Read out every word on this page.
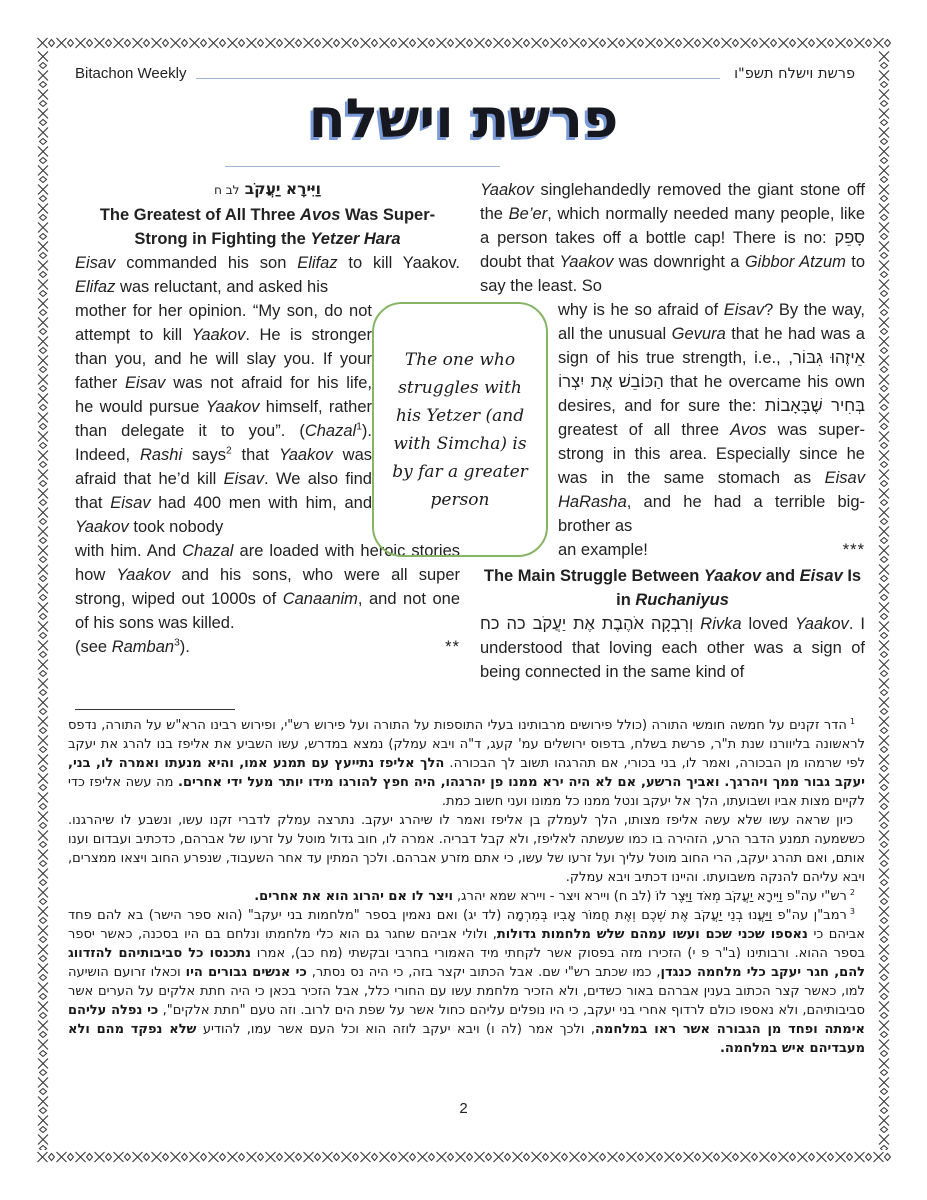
Bitachon Weekly	פרשת וישלח תשפ"ו
פרשת וישלח
וַיִּירָא יַעֲקֹב לב ח
The Greatest of All Three Avos Was Super-Strong in Fighting the Yetzer Hara

Eisav commanded his son Elifaz to kill Yaakov. Elifaz was reluctant, and asked his

mother for her opinion. “My son, do not attempt to kill Yaakov. He is stronger than you, and he will slay you. If your father Eisav was not afraid for his life, he would pursue Yaakov himself, rather than delegate it to you”. (Chazal$^1$). Indeed, Rashi says$^2$ that Yaakov was afraid that he’d kill Eisav. We also find that Eisav had 400 men with him, and Yaakov took nobody

with him. And Chazal are loaded with heroic stories how Yaakov and his sons, who were all super strong, wiped out 1000s of Canaanim, and not one of his sons was killed.

(see Ramban$^3$).	**

Yaakov singlehandedly removed the giant stone off the Be’er, which normally needed many people, like a person takes off a bottle cap! There is no: סָפֵק doubt that Yaakov was downright a Gibbor Atzum to say the least. So

why is he so afraid of Eisav? By the way, all the unusual Gevura that he had was a sign of his true strength, i.e., אֵיזֶהוּ גִבּוֹר, הַכּוֹבֵשׁ אֶת יִצְרוֹ that he overcame his own desires, and for sure the: בְּחִיר שֶׁבָּאָבוֹת greatest of all three Avos was super-strong in this area. Especially since he was in the same stomach as Eisav HaRasha, and he had a terrible big-brother as

an example!	***
The Main Struggle Between Yaakov and Eisav Is in Ruchaniyus

וְרִבְקָה אֹהֶבֶת אֶת יַעֲקֹב כה כח Rivka loved Yaakov. I understood that loving each other was a sign of being connected in the same kind of

The one who struggles with his Yetzer (and with Simcha) is by far a greater person

$^1$הדר זקנים על חמשה חומשי התורה (כולל פירושים מרבותינו בעלי התוספות על התורה ועל פירוש רש"י, ופירוש רבינו הרא"ש על התורה, נדפס לראשונה בליוורנו שנת ת"ר, פרשת בשלח, בדפוס ירושלים עמ' קעג, ד"ה ויבא עמלק) נמצא במדרש, עשו השביע את אליפז בנו להרג את יעקב לפי שרמהו מן הבכורה, ואמר לו, בני בכורי, אם תהרגהו תשוב לך הבכורה. הלך אליפז נתייעץ עם תמנע אמו, והיא מנעתו ואמרה לו, בני, יעקב גבור ממך ויהרגך. ואביך הרשע, אם לא היה ירא ממנו פן יהרגהו, היה חפץ להורגו מידו יותר מעל ידי אחרים. מה עשה אליפז כדי לקיים מצות אביו ושבועתו, הלך אל יעקב ונטל ממנו כל ממונו ועני חשוב כמת.

כיון שראה עשו שלא עשה אליפז מצותו, הלך לעמלק בן אליפז ואמר לו שיהרג יעקב. נתרצה עמלק לדברי זקנו עשו, ונשבע לו שיהרגנו. כששמעה תמנע הדבר הרע, הזהירה בו כמו שעשתה לאליפז, ולא קבל דבריה. אמרה לו, חוב גדול מוטל על זרעו של אברהם, כדכתיב ועבדום וענו אותם, ואם תהרג יעקב, הרי החוב מוטל עליך ועל זרעו של עשו, כי אתם מזרע אברהם. ולכך המתין עד אחר השעבוד, שנפרע החוב ויצאו ממצרים, ויבא עליהם להנקה משבועתו. והיינו דכתיב ויבא עמלק.

$^2$רש"י עה"פ וַיִּירָא יַעֲקֹב מְאֹד וַיֵּצֶר לוֹ (לב ח) ויירא ויצר - ויירא שמא יהרג, ויצר לו אם יהרוג הוא את אחרים.

$^3$רמב"ן עה"פ וַיַּעֲנוּ בְנֵי יַעֲקֹב אֶת שְׁכֶם וְאֶת חֲמוֹר אָבִיו בְּמִרְמָה (לד יג) ואם נאמין בספר "מלחמות בני יעקב" (הוא ספר הישר) בא להם פחד אביהם כי נאספו שכני שכם ועשו עמהם שלש מלחמות גדולות, ולולי אביהם שחגר גם הוא כלי מלחמתו ונלחם בם היו בסכנה, כאשר יספר בספר ההוא. ורבותינו (ב"ר פ י) הזכירו מזה בפסוק אשר לקחתי מיד האמורי בחרבי ובקשתי (מח כב), אמרו נתכנסו כל סביבותיהם להזדווג להם, חגר יעקב כלי מלחמה כנגדן, כמו שכתב רש"י שם. אבל הכתוב יקצר בזה, כי היה נס נסתר, כי אנשים גבורים היו וכאלו זרועם הושיעה למו, כאשר קצר הכתוב בענין אברהם באור כשדים, ולא הזכיר מלחמת עשו עם החורי כלל, אבל הזכיר בכאן כי היה חתת אלקים על הערים אשר סביבותיהם, ולא נאספו כולם לרדוף אחרי בני יעקב, כי היו נופלים עליהם כחול אשר על שפת הים לרוב. וזה טעם "חתת אלקים", כי נפלה עליהם אימתה ופחד מן הגבורה אשר ראו במלחמה, ולכך אמר (לה ו) ויבא יעקב לוזה הוא וכל העם אשר עמו, להודיע שלא נפקד מהם ולא מעבדיהם איש במלחמה.

2
